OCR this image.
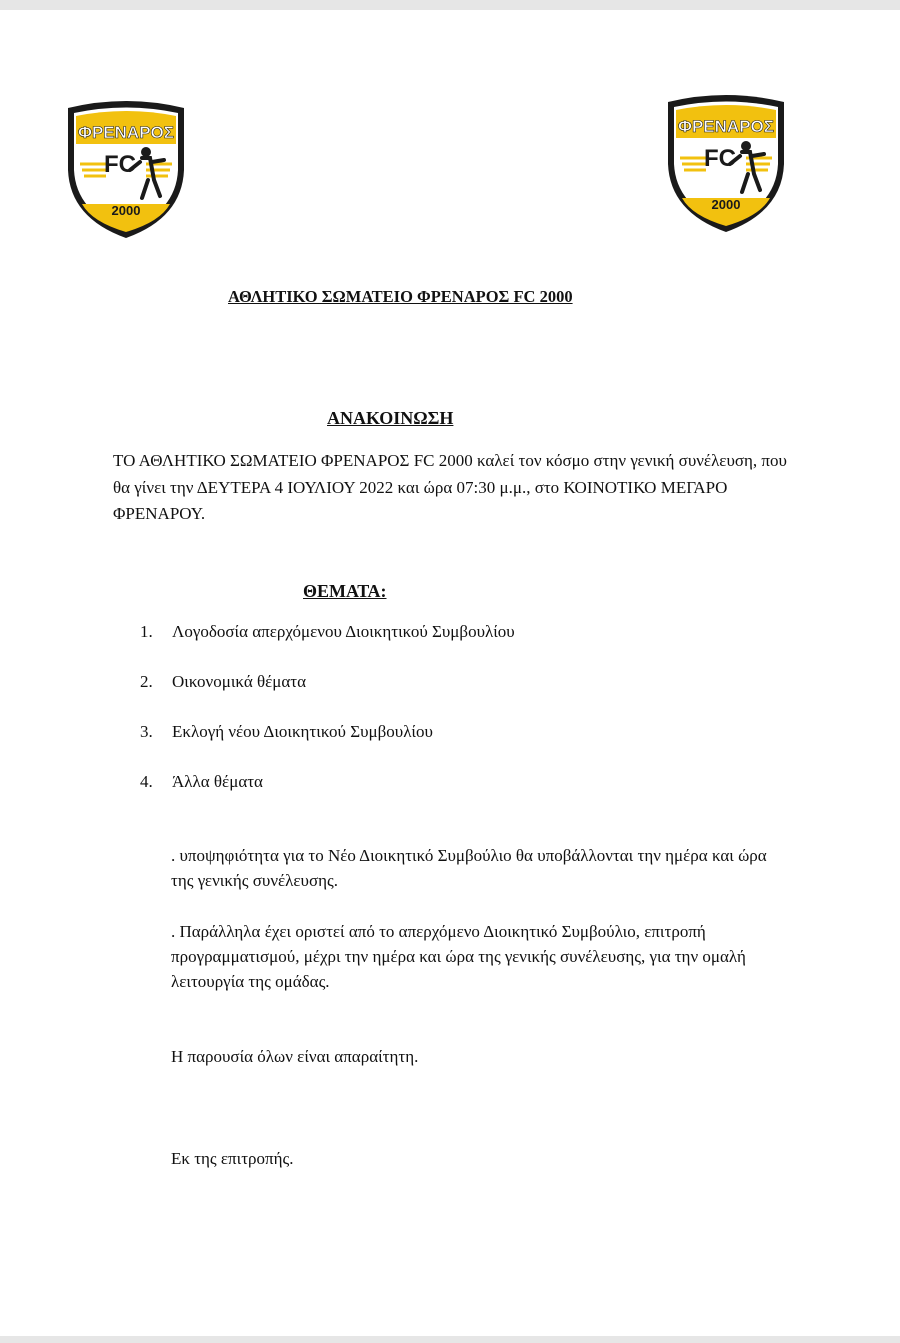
ΦΡΕΝΑΡΟΣ
FC
2000
ΦΡΕΝΑΡΟΣ
FC
2000
ΑΘΛΗΤΙΚΟ ΣΩΜΑΤΕΙΟ ΦΡΕΝΑΡΟΣ FC 2000
ΑΝΑΚΟΙΝΩΣΗ
ΤΟ ΑΘΛΗΤΙΚΟ ΣΩΜΑΤΕΙΟ ΦΡΕΝΑΡΟΣ FC 2000 καλεί τον κόσμο στην γενική συνέλευση, που θα γίνει την ΔΕΥΤΕΡΑ 4 ΙΟΥΛΙΟΥ 2022 και ώρα 07:30 μ.μ., στο ΚΟΙΝΟΤΙΚΟ ΜΕΓΑΡΟ ΦΡΕΝΑΡΟΥ.
ΘΕΜΑΤΑ:
1.	Λογοδοσία απερχόμενου Διοικητικού Συμβουλίου
2.	Οικονομικά θέματα
3.	Εκλογή νέου Διοικητικού Συμβουλίου
4.	Άλλα θέματα
. υποψηφιότητα για το Νέο Διοικητικό Συμβούλιο θα υποβάλλονται την ημέρα και ώρα της γενικής συνέλευσης.
. Παράλληλα έχει οριστεί από το απερχόμενο Διοικητικό Συμβούλιο, επιτροπή προγραμματισμού, μέχρι την ημέρα και ώρα της γενικής συνέλευσης, για την ομαλή λειτουργία της ομάδας.
Η παρουσία όλων είναι απαραίτητη.
Εκ της επιτροπής.
